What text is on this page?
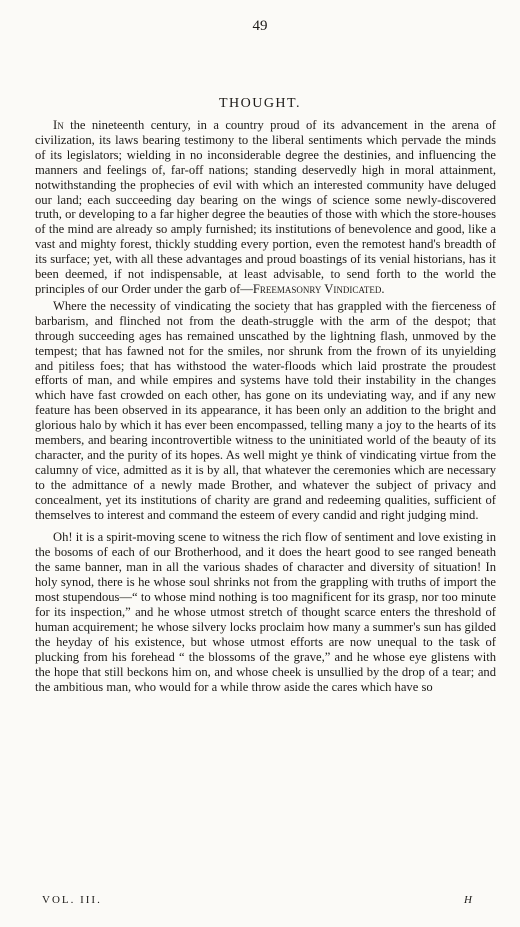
49
THOUGHT.

In the nineteenth century, in a country proud of its advancement in the arena of civilization, its laws bearing testimony to the liberal sentiments which pervade the minds of its legislators; wielding in no inconsiderable degree the destinies, and influencing the manners and feelings of, far-off nations; standing deservedly high in moral attainment, notwithstanding the prophecies of evil with which an interested community have deluged our land; each succeeding day bearing on the wings of science some newly-discovered truth, or developing to a far higher degree the beauties of those with which the store-houses of the mind are already so amply furnished; its institutions of benevolence and good, like a vast and mighty forest, thickly studding every portion, even the remotest hand's breadth of its surface; yet, with all these advantages and proud boastings of its venial historians, has it been deemed, if not indispensable, at least advisable, to send forth to the world the principles of our Order under the garb of—Freemasonry Vindicated.

Where the necessity of vindicating the society that has grappled with the fierceness of barbarism, and flinched not from the death-struggle with the arm of the despot; that through succeeding ages has remained unscathed by the lightning flash, unmoved by the tempest; that has fawned not for the smiles, nor shrunk from the frown of its unyielding and pitiless foes; that has withstood the water-floods which laid prostrate the proudest efforts of man, and while empires and systems have told their instability in the changes which have fast crowded on each other, has gone on its undeviating way, and if any new feature has been observed in its appearance, it has been only an addition to the bright and glorious halo by which it has ever been encompassed, telling many a joy to the hearts of its members, and bearing incontrovertible witness to the uninitiated world of the beauty of its character, and the purity of its hopes. As well might ye think of vindicating virtue from the calumny of vice, admitted as it is by all, that whatever the ceremonies which are necessary to the admittance of a newly made Brother, and whatever the subject of privacy and concealment, yet its institutions of charity are grand and redeeming qualities, sufficient of themselves to interest and command the esteem of every candid and right judging mind.

Oh! it is a spirit-moving scene to witness the rich flow of sentiment and love existing in the bosoms of each of our Brotherhood, and it does the heart good to see ranged beneath the same banner, man in all the various shades of character and diversity of situation! In holy synod, there is he whose soul shrinks not from the grappling with truths of import the most stupendous—“ to whose mind nothing is too magnificent for its grasp, nor too minute for its inspection,” and he whose utmost stretch of thought scarce enters the threshold of human acquirement; he whose silvery locks proclaim how many a summer's sun has gilded the heyday of his existence, but whose utmost efforts are now unequal to the task of plucking from his forehead “ the blossoms of the grave,” and he whose eye glistens with the hope that still beckons him on, and whose cheek is unsullied by the drop of a tear; and the ambitious man, who would for a while throw aside the cares which have so

VOL. III.	H
